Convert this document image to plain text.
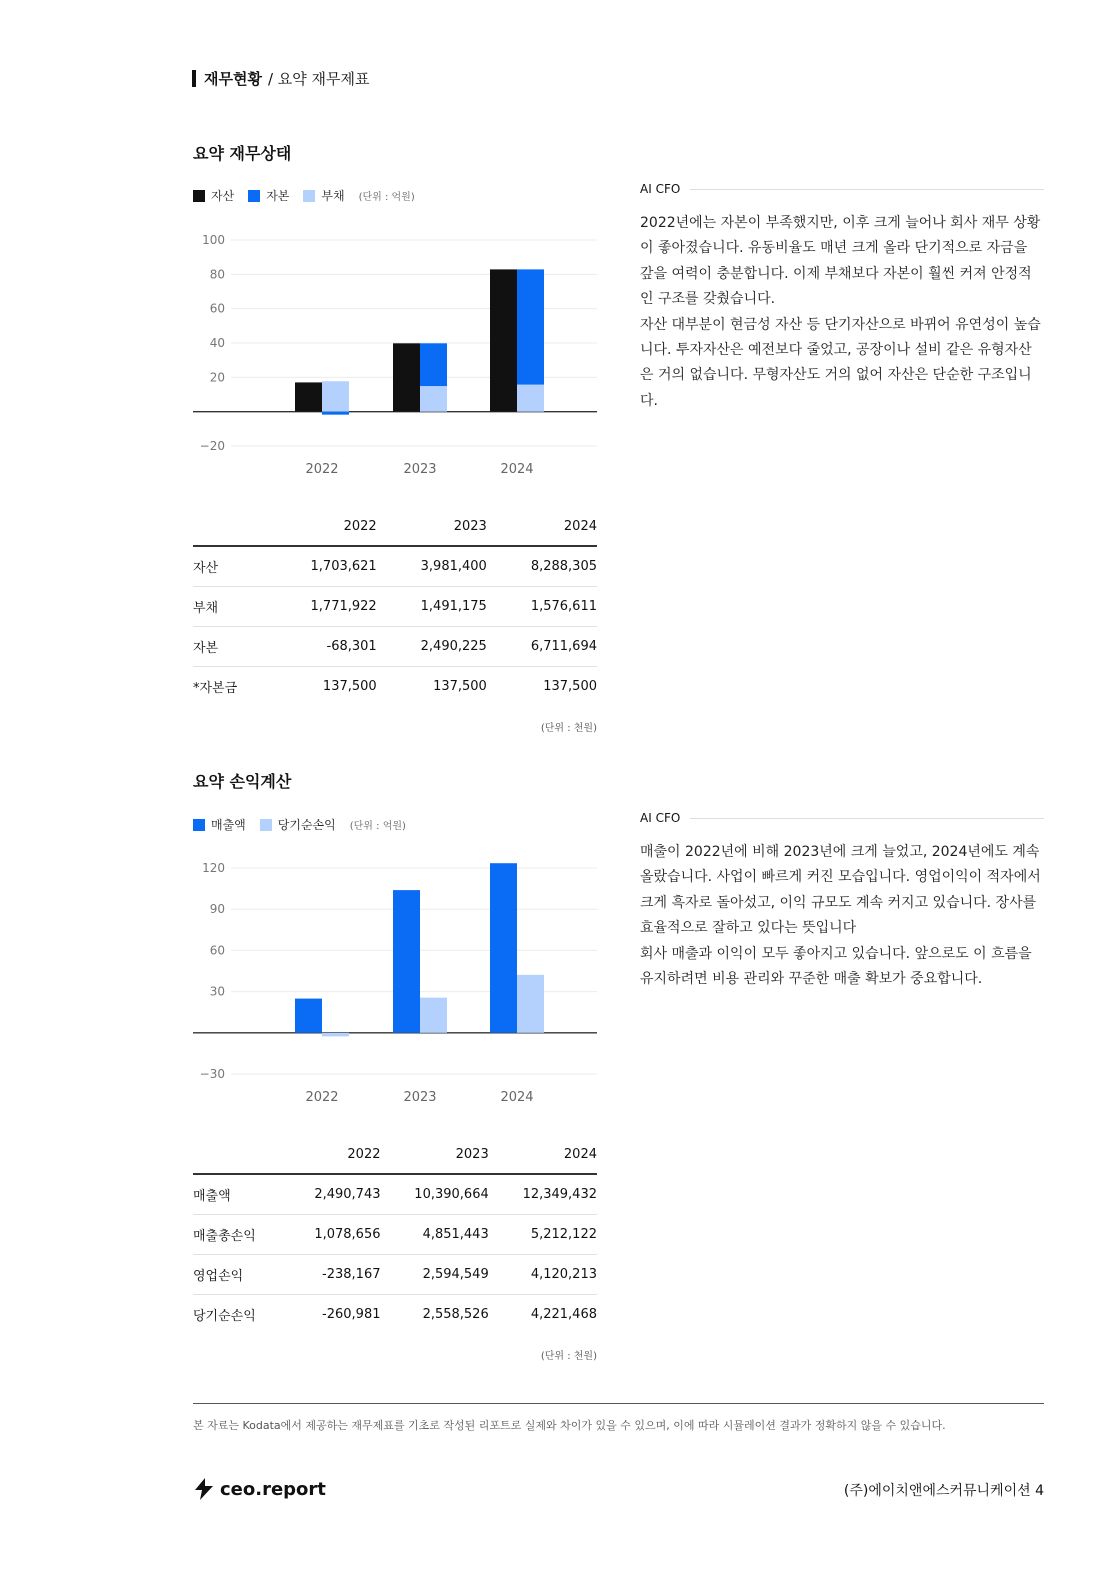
재무현황 / 요약 재무제표
요약 재무상태
자산	자본	부채 (단위 : 억원)
100
80
60
40
20
−20
2022	2023	2024
	2022	2023	2024
자산	1,703,621	3,981,400	8,288,305
부채	1,771,922	1,491,175	1,576,611
자본	-68,301	2,490,225	6,711,694
*자본금	137,500	137,500	137,500
(단위 : 천원)
AI CFO

2022년에는 자본이 부족했지만, 이후 크게 늘어나 회사 재무 상황이 좋아졌습니다. 유동비율도 매년 크게 올라 단기적으로 자금을 갚을 여력이 충분합니다. 이제 부채보다 자본이 훨씬 커져 안정적인 구조를 갖췄습니다.

자산 대부분이 현금성 자산 등 단기자산으로 바뀌어 유연성이 높습니다. 투자자산은 예전보다 줄었고, 공장이나 설비 같은 유형자산은 거의 없습니다. 무형자산도 거의 없어 자산은 단순한 구조입니다.

요약 손익계산
매출액	당기순손익 (단위 : 억원)
120
90
60
30
−30
2022	2023	2024
	2022	2023	2024
매출액	2,490,743	10,390,664	12,349,432
매출총손익	1,078,656	4,851,443	5,212,122
영업손익	-238,167	2,594,549	4,120,213
당기순손익	-260,981	2,558,526	4,221,468
(단위 : 천원)
AI CFO

매출이 2022년에 비해 2023년에 크게 늘었고, 2024년에도 계속 올랐습니다. 사업이 빠르게 커진 모습입니다. 영업이익이 적자에서 크게 흑자로 돌아섰고, 이익 규모도 계속 커지고 있습니다. 장사를 효율적으로 잘하고 있다는 뜻입니다

회사 매출과 이익이 모두 좋아지고 있습니다. 앞으로도 이 흐름을 유지하려면 비용 관리와 꾸준한 매출 확보가 중요합니다.

본 자료는 Kodata에서 제공하는 재무제표를 기초로 작성된 리포트로 실제와 차이가 있을 수 있으며, 이에 따라 시뮬레이션 결과가 정확하지 않을 수 있습니다.
ceo.report	(주)에이치앤에스커뮤니케이션 4
